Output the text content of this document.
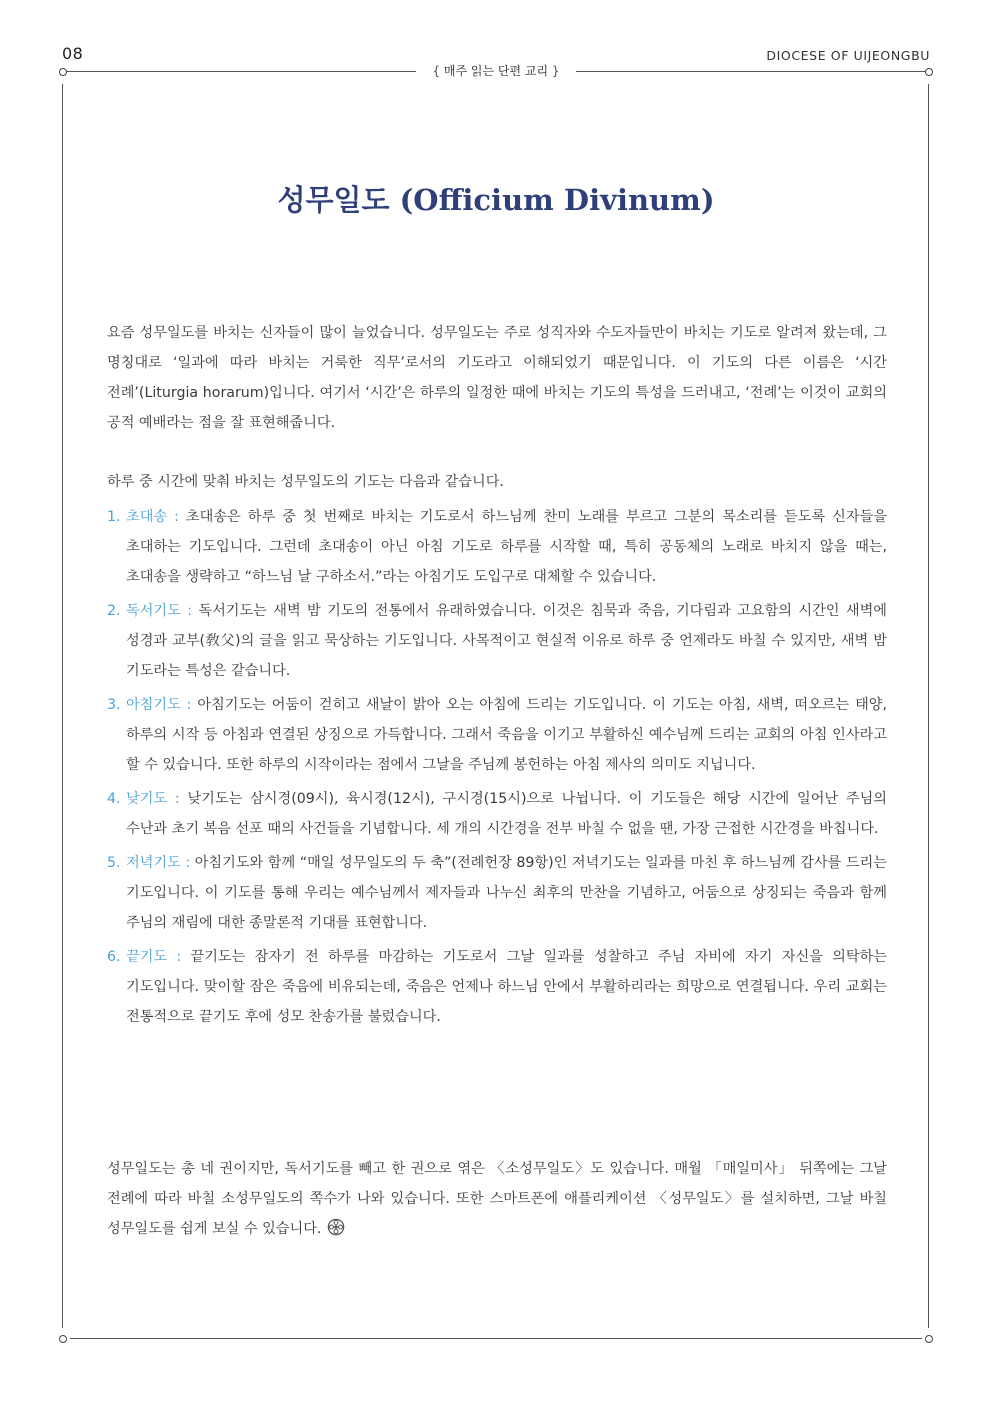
08	DIOCESE OF UIJEONGBU
{ 매주 읽는 단편 교리 }
성무일도 (Officium Divinum)

요즘 성무일도를 바치는 신자들이 많이 늘었습니다. 성무일도는 주로 성직자와 수도자들만이 바치는 기도로 알려져 왔는데, 그 명칭대로 ‘일과에 따라 바치는 거룩한 직무’로서의 기도라고 이해되었기 때문입니다. 이 기도의 다른 이름은 ‘시간 전례’(Liturgia horarum)입니다. 여기서 ‘시간’은 하루의 일정한 때에 바치는 기도의 특성을 드러내고, ‘전례’는 이것이 교회의 공적 예배라는 점을 잘 표현해줍니다.

하루 중 시간에 맞춰 바치는 성무일도의 기도는 다음과 같습니다.

1. 초대송 : 초대송은 하루 중 첫 번째로 바치는 기도로서 하느님께 찬미 노래를 부르고 그분의 목소리를 듣도록 신자들을 초대하는 기도입니다. 그런데 초대송이 아닌 아침 기도로 하루를 시작할 때, 특히 공동체의 노래로 바치지 않을 때는, 초대송을 생략하고 “하느님 날 구하소서.”라는 아침기도 도입구로 대체할 수 있습니다.
2. 독서기도 : 독서기도는 새벽 밤 기도의 전통에서 유래하였습니다. 이것은 침묵과 죽음, 기다림과 고요함의 시간인 새벽에 성경과 교부(敎父)의 글을 읽고 묵상하는 기도입니다. 사목적이고 현실적 이유로 하루 중 언제라도 바칠 수 있지만, 새벽 밤 기도라는 특성은 같습니다.
3. 아침기도 : 아침기도는 어둠이 걷히고 새날이 밝아 오는 아침에 드리는 기도입니다. 이 기도는 아침, 새벽, 떠오르는 태양, 하루의 시작 등 아침과 연결된 상징으로 가득합니다. 그래서 죽음을 이기고 부활하신 예수님께 드리는 교회의 아침 인사라고 할 수 있습니다. 또한 하루의 시작이라는 점에서 그날을 주님께 봉헌하는 아침 제사의 의미도 지닙니다.
4. 낮기도 : 낮기도는 삼시경(09시), 육시경(12시), 구시경(15시)으로 나뉩니다. 이 기도들은 해당 시간에 일어난 주님의 수난과 초기 복음 선포 때의 사건들을 기념합니다. 세 개의 시간경을 전부 바칠 수 없을 땐, 가장 근접한 시간경을 바칩니다.
5. 저녁기도 : 아침기도와 함께 “매일 성무일도의 두 축”(전례헌장 89항)인 저녁기도는 일과를 마친 후 하느님께 감사를 드리는 기도입니다. 이 기도를 통해 우리는 예수님께서 제자들과 나누신 최후의 만찬을 기념하고, 어둠으로 상징되는 죽음과 함께 주님의 재림에 대한 종말론적 기대를 표현합니다.
6. 끝기도 : 끝기도는 잠자기 전 하루를 마감하는 기도로서 그날 일과를 성찰하고 주님 자비에 자기 자신을 의탁하는 기도입니다. 맞이할 잠은 죽음에 비유되는데, 죽음은 언제나 하느님 안에서 부활하리라는 희망으로 연결됩니다. 우리 교회는 전통적으로 끝기도 후에 성모 찬송가를 불렀습니다.

성무일도는 총 네 권이지만, 독서기도를 빼고 한 권으로 엮은 〈소성무일도〉도 있습니다. 매월 「매일미사」 뒤쪽에는 그날 전례에 따라 바칠 소성무일도의 쪽수가 나와 있습니다. 또한 스마트폰에 애플리케이션 〈성무일도〉를 설치하면, 그날 바칠 성무일도를 쉽게 보실 수 있습니다.
